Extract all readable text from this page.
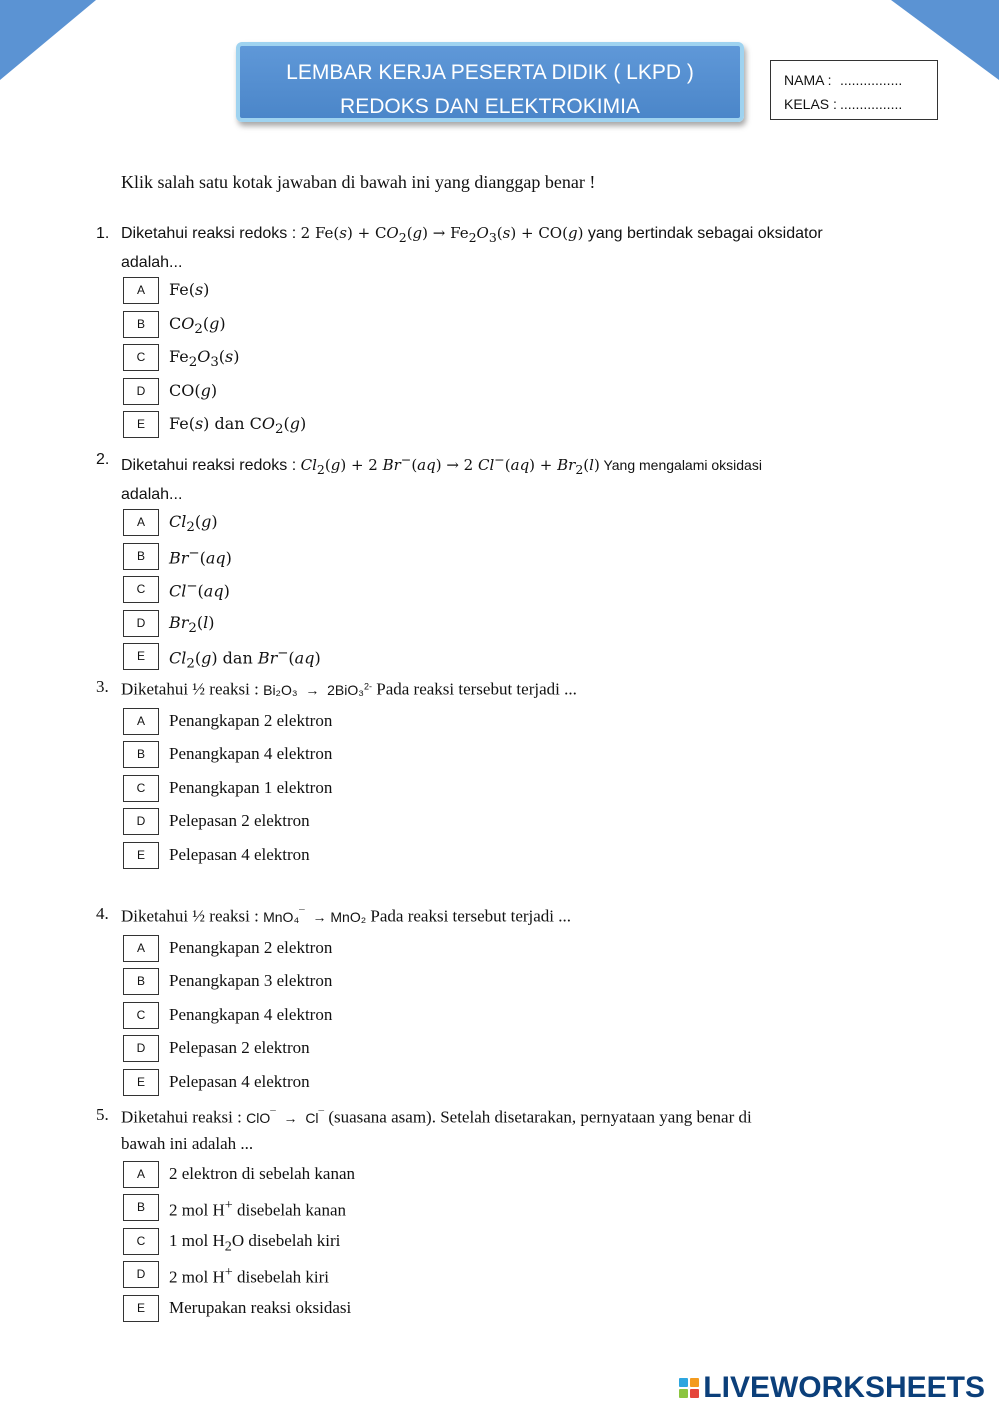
LEMBAR KERJA PESERTA DIDIK ( LKPD )
REDOKS DAN ELEKTROKIMIA
NAMA : ................
KELAS : ................
Klik salah satu kotak jawaban di bawah ini yang dianggap benar !
1. Diketahui reaksi redoks : 2 $Fe(s) + CO_2(g) \to Fe_2O_3(s) + CO(g)$ yang bertindak sebagai oksidator
adalah...
A	Fe(s)
B	$CO_2(g)$
C	$Fe_2O_3(s)$
D	CO(g)
E	Fe(s) dan $CO_2(g)$
2. Diketahui reaksi redoks : $Cl_2(g) + 2$ Br−(aq) → 2 $Cl^-(aq) + Br_2(l)$ Yang mengalami oksidasi
adalah...
A	$Cl_2(g)$
B	Br−(aq)
C	Cl−(aq)
D	$Br_2(l)$
E	$Cl_2(g)$ dan Br−(aq)
3. Diketahui ½ reaksi : Bi₂O₃  →  2BiO₃$^{2-}$ Pada reaksi tersebut terjadi ...
A	Penangkapan 2 elektron
B	Penangkapan 4 elektron
C	Penangkapan 1 elektron
D	Pelepasan 2 elektron
E	Pelepasan 4 elektron
4. Diketahui ½ reaksi : MnO₄¯  → MnO₂ Pada reaksi tersebut terjadi ...
A	Penangkapan 2 elektron
B	Penangkapan 3 elektron
C	Penangkapan 4 elektron
D	Pelepasan 2 elektron
E	Pelepasan 4 elektron
5. Diketahui reaksi : ClO¯  →  Cl¯ (suasana asam). Setelah disetarakan, pernyataan yang benar di
bawah ini adalah ...
A	2 elektron di sebelah kanan
B	2 mol H+ disebelah kanan
C	1 mol $H_2O$ disebelah kiri
D	2 mol H+ disebelah kiri
E	Merupakan reaksi oksidasi
LIVEWORKSHEETS
